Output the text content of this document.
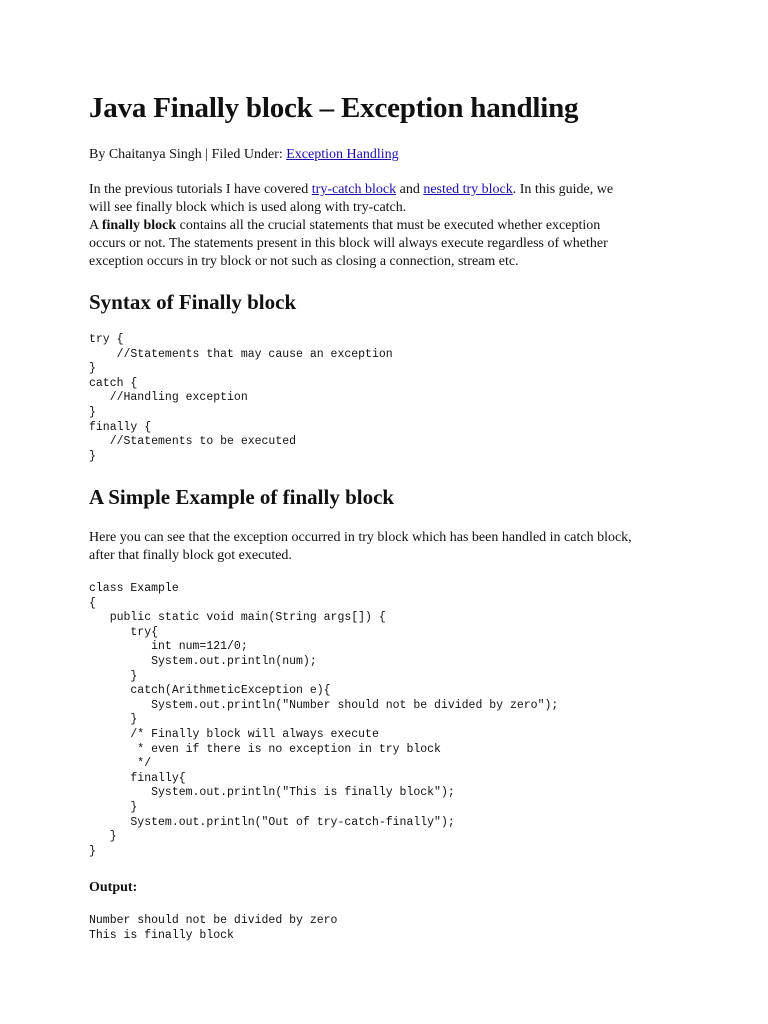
Java Finally block – Exception handling

By Chaitanya Singh | Filed Under: Exception Handling

In the previous tutorials I have covered try-catch block and nested try block. In this guide, we
will see finally block which is used along with try-catch.
A finally block contains all the crucial statements that must be executed whether exception
occurs or not. The statements present in this block will always execute regardless of whether
exception occurs in try block or not such as closing a connection, stream etc.
Syntax of Finally block
try {
//Statements that may cause an exception
}
catch {
//Handling exception
}
finally {
//Statements to be executed
}
A Simple Example of finally block
Here you can see that the exception occurred in try block which has been handled in catch block,
after that finally block got executed.
class Example
{
public static void main(String args[]) {
try{
int num=121/0;
System.out.println(num);
}
catch(ArithmeticException e){
System.out.println("Number should not be divided by zero");
}
/* Finally block will always execute
* even if there is no exception in try block
*/
finally{
System.out.println("This is finally block");
}
System.out.println("Out of try-catch-finally");
}
}
Output:
Number should not be divided by zero
This is finally block
